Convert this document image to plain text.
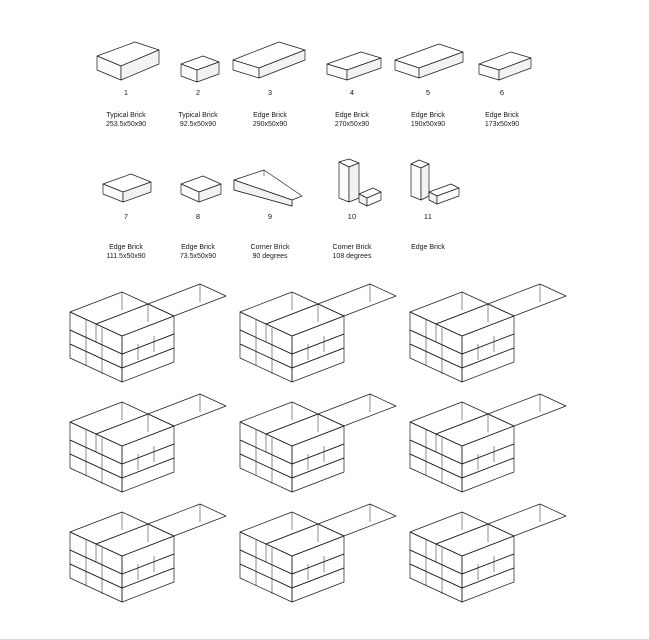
1
Typical Brick
253.5x50x90
2
Typical Brick
92.5x50x90
3
Edge Brick
290x50x90
4
Edge Brick
270x50x90
5
Edge Brick
190x50x90
6
Edge Brick
173x50x90
7
Edge Brick
111.5x50x90
8
Edge Brick
73.5x50x90
9
Corner Brick
90 degrees
10
Corner Brick
108 degrees
11
Edge Brick
